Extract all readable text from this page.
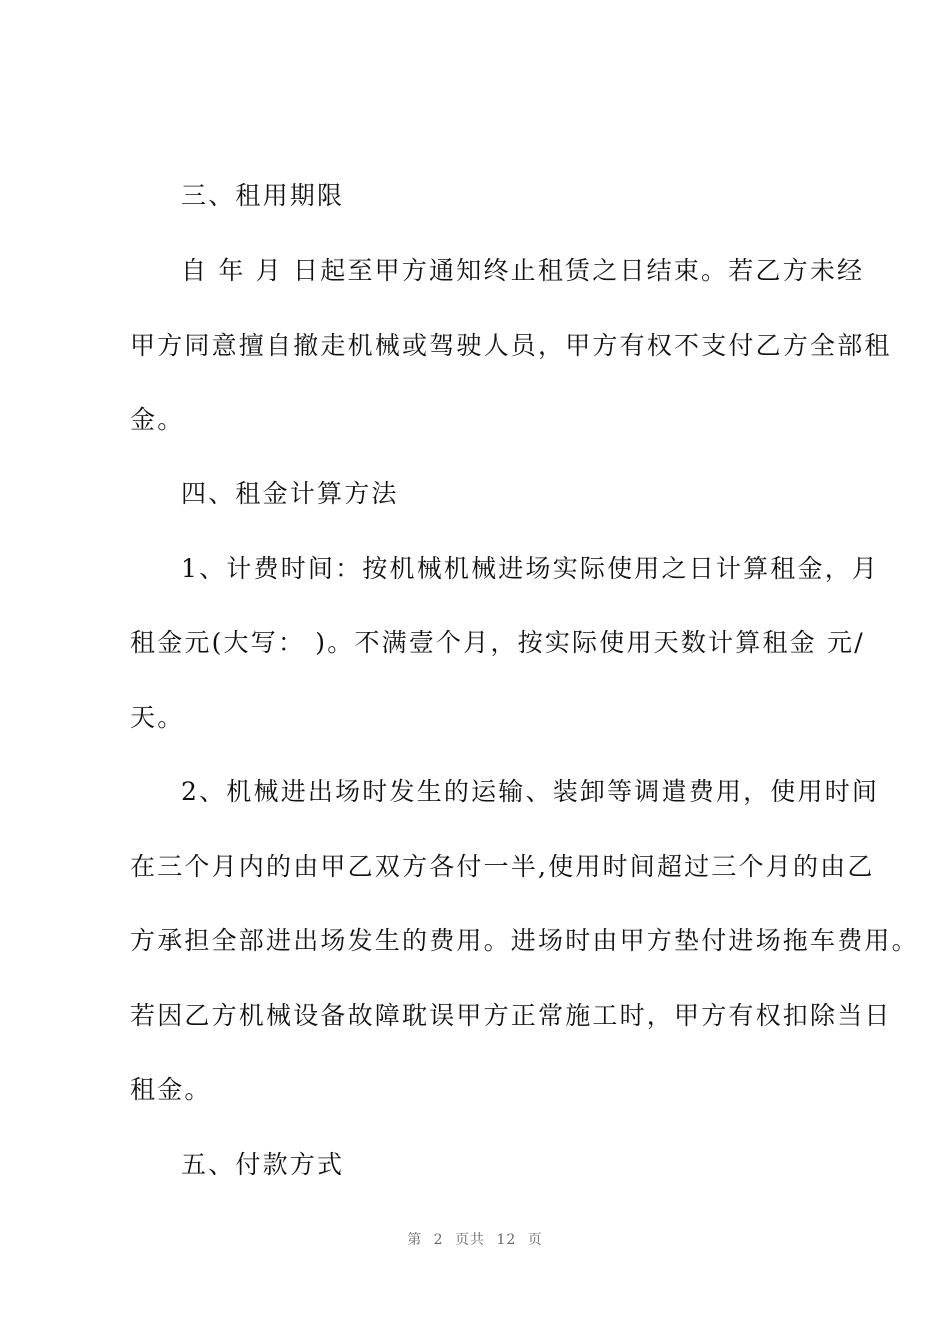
三、租用期限
自 年 月 日起至甲方通知终止租赁之日结束。若乙方未经
甲方同意擅自撤走机械或驾驶人员，甲方有权不支付乙方全部租
金。
四、租金计算方法
1、计费时间：按机械机械进场实际使用之日计算租金，月
租金元(大写： )。不满壹个月，按实际使用天数计算租金 元/
天。
2、机械进出场时发生的运输、装卸等调遣费用，使用时间
在三个月内的由甲乙双方各付一半,使用时间超过三个月的由乙
方承担全部进出场发生的费用。进场时由甲方垫付进场拖车费用。
若因乙方机械设备故障耽误甲方正常施工时，甲方有权扣除当日
租金。
五、付款方式
第 2 页共 12 页
